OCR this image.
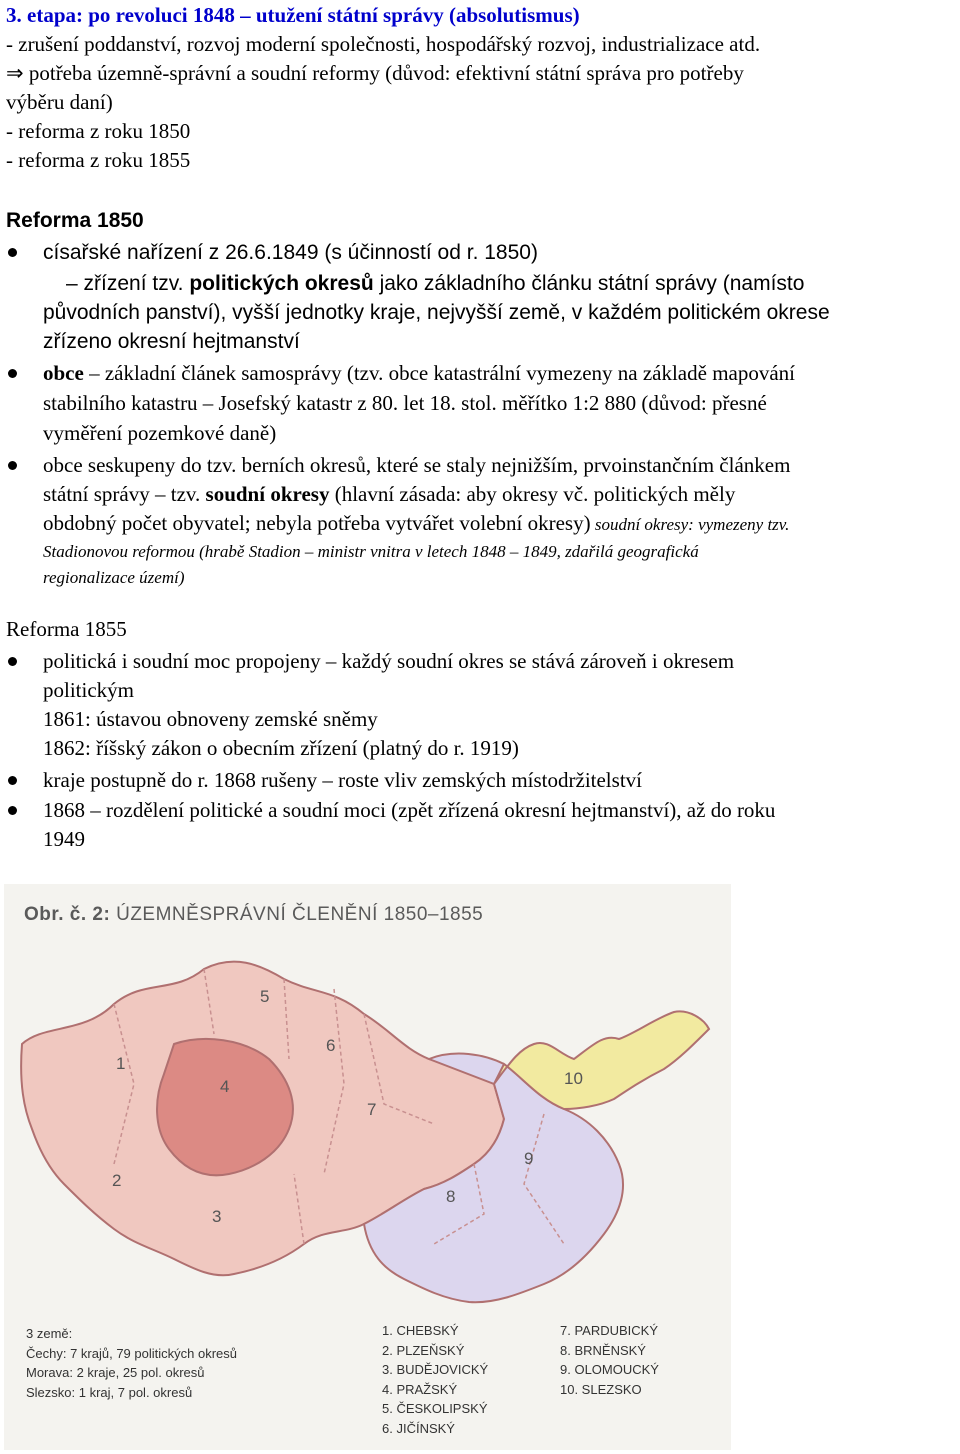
3. etapa: po revoluci 1848 – utužení státní správy (absolutismus)
- zrušení poddanství, rozvoj moderní společnosti, hospodářský rozvoj, industrializace atd.
⇒ potřeba územně-správní a soudní reformy (důvod: efektivní státní správa pro potřeby
výběru daní)
- reforma z roku 1850
- reforma z roku 1855
Reforma 1850
císařské nařízení z 26.6.1849 (s účinností od r. 1850)
– zřízení tzv. politických okresů jako základního článku státní správy (namísto
původních panství), vyšší jednotky kraje, nejvyšší země, v každém politickém okrese
zřízeno okresní hejtmanství
obce – základní článek samosprávy (tzv. obce katastrální vymezeny na základě mapování
stabilního katastru – Josefský katastr z 80. let 18. stol. měřítko 1:2 880 (důvod: přesné
vyměření pozemkové daně)
obce seskupeny do tzv. berních okresů, které se staly nejnižším, prvoinstančním článkem
státní správy – tzv. soudní okresy (hlavní zásada: aby okresy vč. politických měly
obdobný počet obyvatel; nebyla potřeba vytvářet volební okresy) soudní okresy: vymezeny tzv.
Stadionovou reformou (hrabě Stadion – ministr vnitra v letech 1848 – 1849, zdařilá geografická
regionalizace území)
Reforma 1855
politická i soudní moc propojeny – každý soudní okres se stává zároveň i okresem
politickým
1861: ústavou obnoveny zemské sněmy
1862: říšský zákon o obecním zřízení (platný do r. 1919)
kraje postupně do r. 1868 rušeny – roste vliv zemských místodržitelství
1868 – rozdělení politické a soudní moci (zpět zřízená okresní hejtmanství), až do roku
1949
1
2
3
4
5
6
7
8
9
10
Obr. č. 2: ÚZEMNĚSPRÁVNÍ ČLENĚNÍ 1850–1855
3 země:
Čechy: 7 krajů, 79 politických okresů
Morava: 2 kraje, 25 pol. okresů
Slezsko: 1 kraj, 7 pol. okresů
1. CHEBSKÝ
2. PLZEŇSKÝ
3. BUDĚJOVICKÝ
4. PRAŽSKÝ
5. ČESKOLIPSKÝ
6. JIČÍNSKÝ
7. PARDUBICKÝ
8. BRNĚNSKÝ
9. OLOMOUCKÝ
10. SLEZSKO
